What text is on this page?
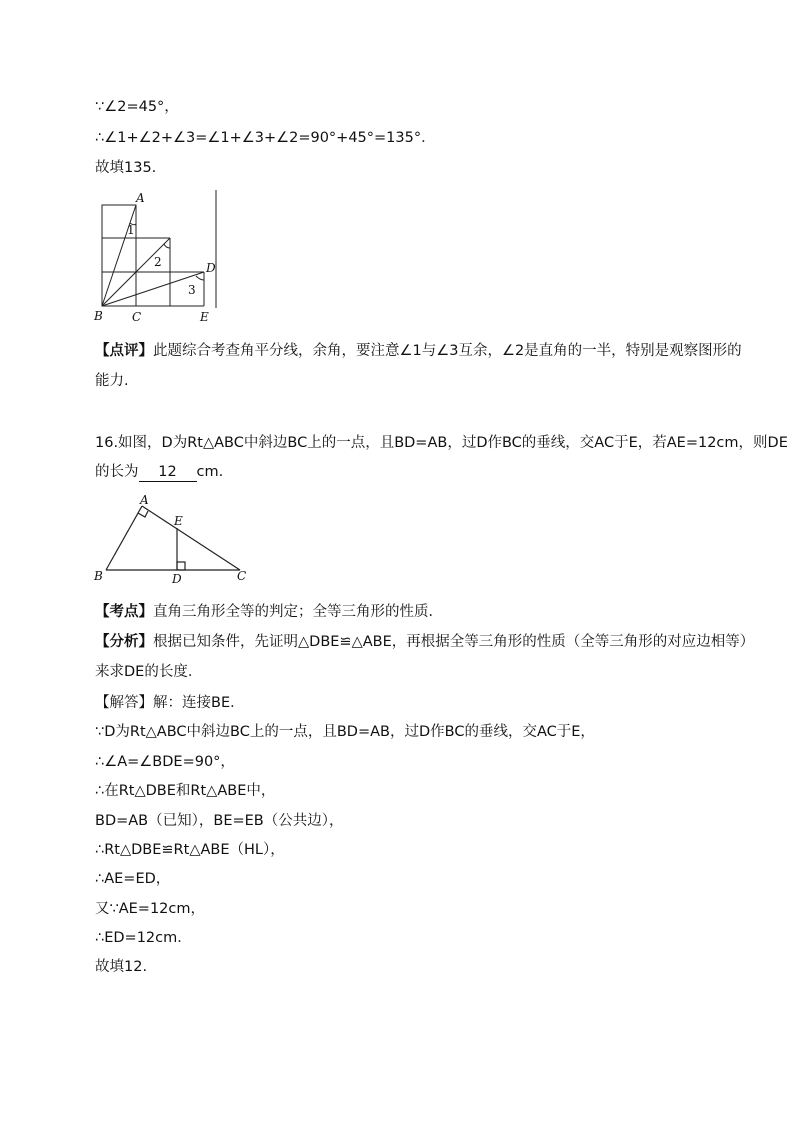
∵∠2=45°，
∴∠1+∠2+∠3=∠1+∠3+∠2=90°+45°=135°．
故填135.
A
1
2
3
D
B C	E
【点评】此题综合考查角平分线，余角，要注意∠1与∠3互余，∠2是直角的一半，特别是观察图形的
能力.
16.如图，D为Rt△ABC中斜边BC上的一点，且BD=AB，过D作BC的垂线，交AC于E，若AE=12cm，则DE
的长为 12 cm.
A
E
B	D	C
【考点】直角三角形全等的判定；全等三角形的性质．
【分析】根据已知条件，先证明△DBE≌△ABE，再根据全等三角形的性质（全等三角形的对应边相等）
来求DE的长度．
【解答】解：连接BE．
∵D为Rt△ABC中斜边BC上的一点，且BD=AB，过D作BC的垂线，交AC于E，
∴∠A=∠BDE=90°，
∴在Rt△DBE和Rt△ABE中，
BD=AB（已知），BE=EB（公共边），
∴Rt△DBE≌Rt△ABE（HL），
∴AE=ED，
又∵AE=12cm，
∴ED=12cm．
故填12.
